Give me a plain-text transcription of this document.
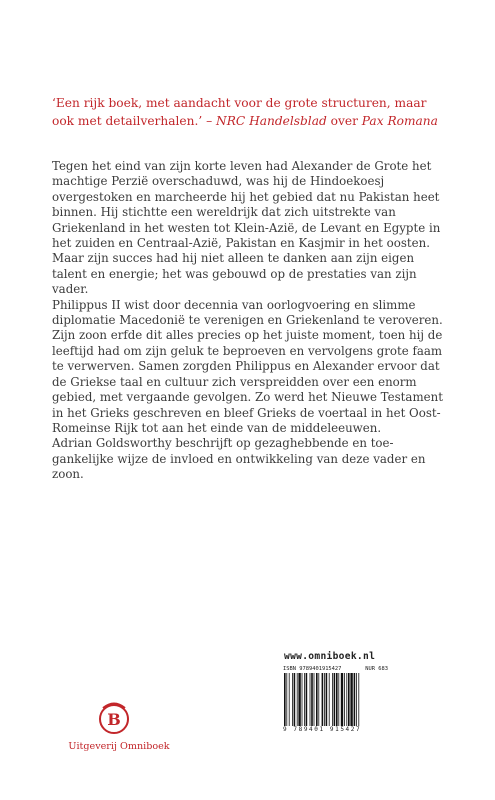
‘Een rijk boek, met aandacht voor de grote structuren, maar ook met detailverhalen.’ – NRC Handelsblad over Pax Romana

Tegen het eind van zijn korte leven had Alexander de Grote het machtige Perzië overschaduwd, was hij de Hindoekoesj overgestoken en marcheerde hij het gebied dat nu Pakistan heet binnen. Hij stichtte een wereldrijk dat zich uitstrekte van Griekenland in het westen tot Klein-Azië, de Levant en Egypte in het zuiden en Centraal-Azië, Pakistan en Kasjmir in het oosten. Maar zijn succes had hij niet alleen te danken aan zijn eigen talent en energie; het was gebouwd op de prestaties van zijn vader.

Philippus II wist door decennia van oorlogvoering en slimme diplomatie Macedonië te verenigen en Griekenland te veroveren. Zijn zoon erfde dit alles precies op het juiste moment, toen hij de leeftijd had om zijn geluk te beproeven en vervolgens grote faam te verwerven. Samen zorgden Philippus en Alexander ervoor dat de Griekse taal en cultuur zich verspreidden over een enorm gebied, met vergaande gevolgen. Zo werd het Nieuwe Testament in het Grieks geschreven en bleef Grieks de voertaal in het Oost-Romeinse Rijk tot aan het einde van de middeleeuwen.

Adrian Goldsworthy beschrijft op gezaghebbende en toe-gankelijke wijze de invloed en ontwikkeling van deze vader en zoon.

www.omniboek.nl
ISBN 9789401915427	NUR 683
9 789401 915427
B
Uitgeverij Omniboek
